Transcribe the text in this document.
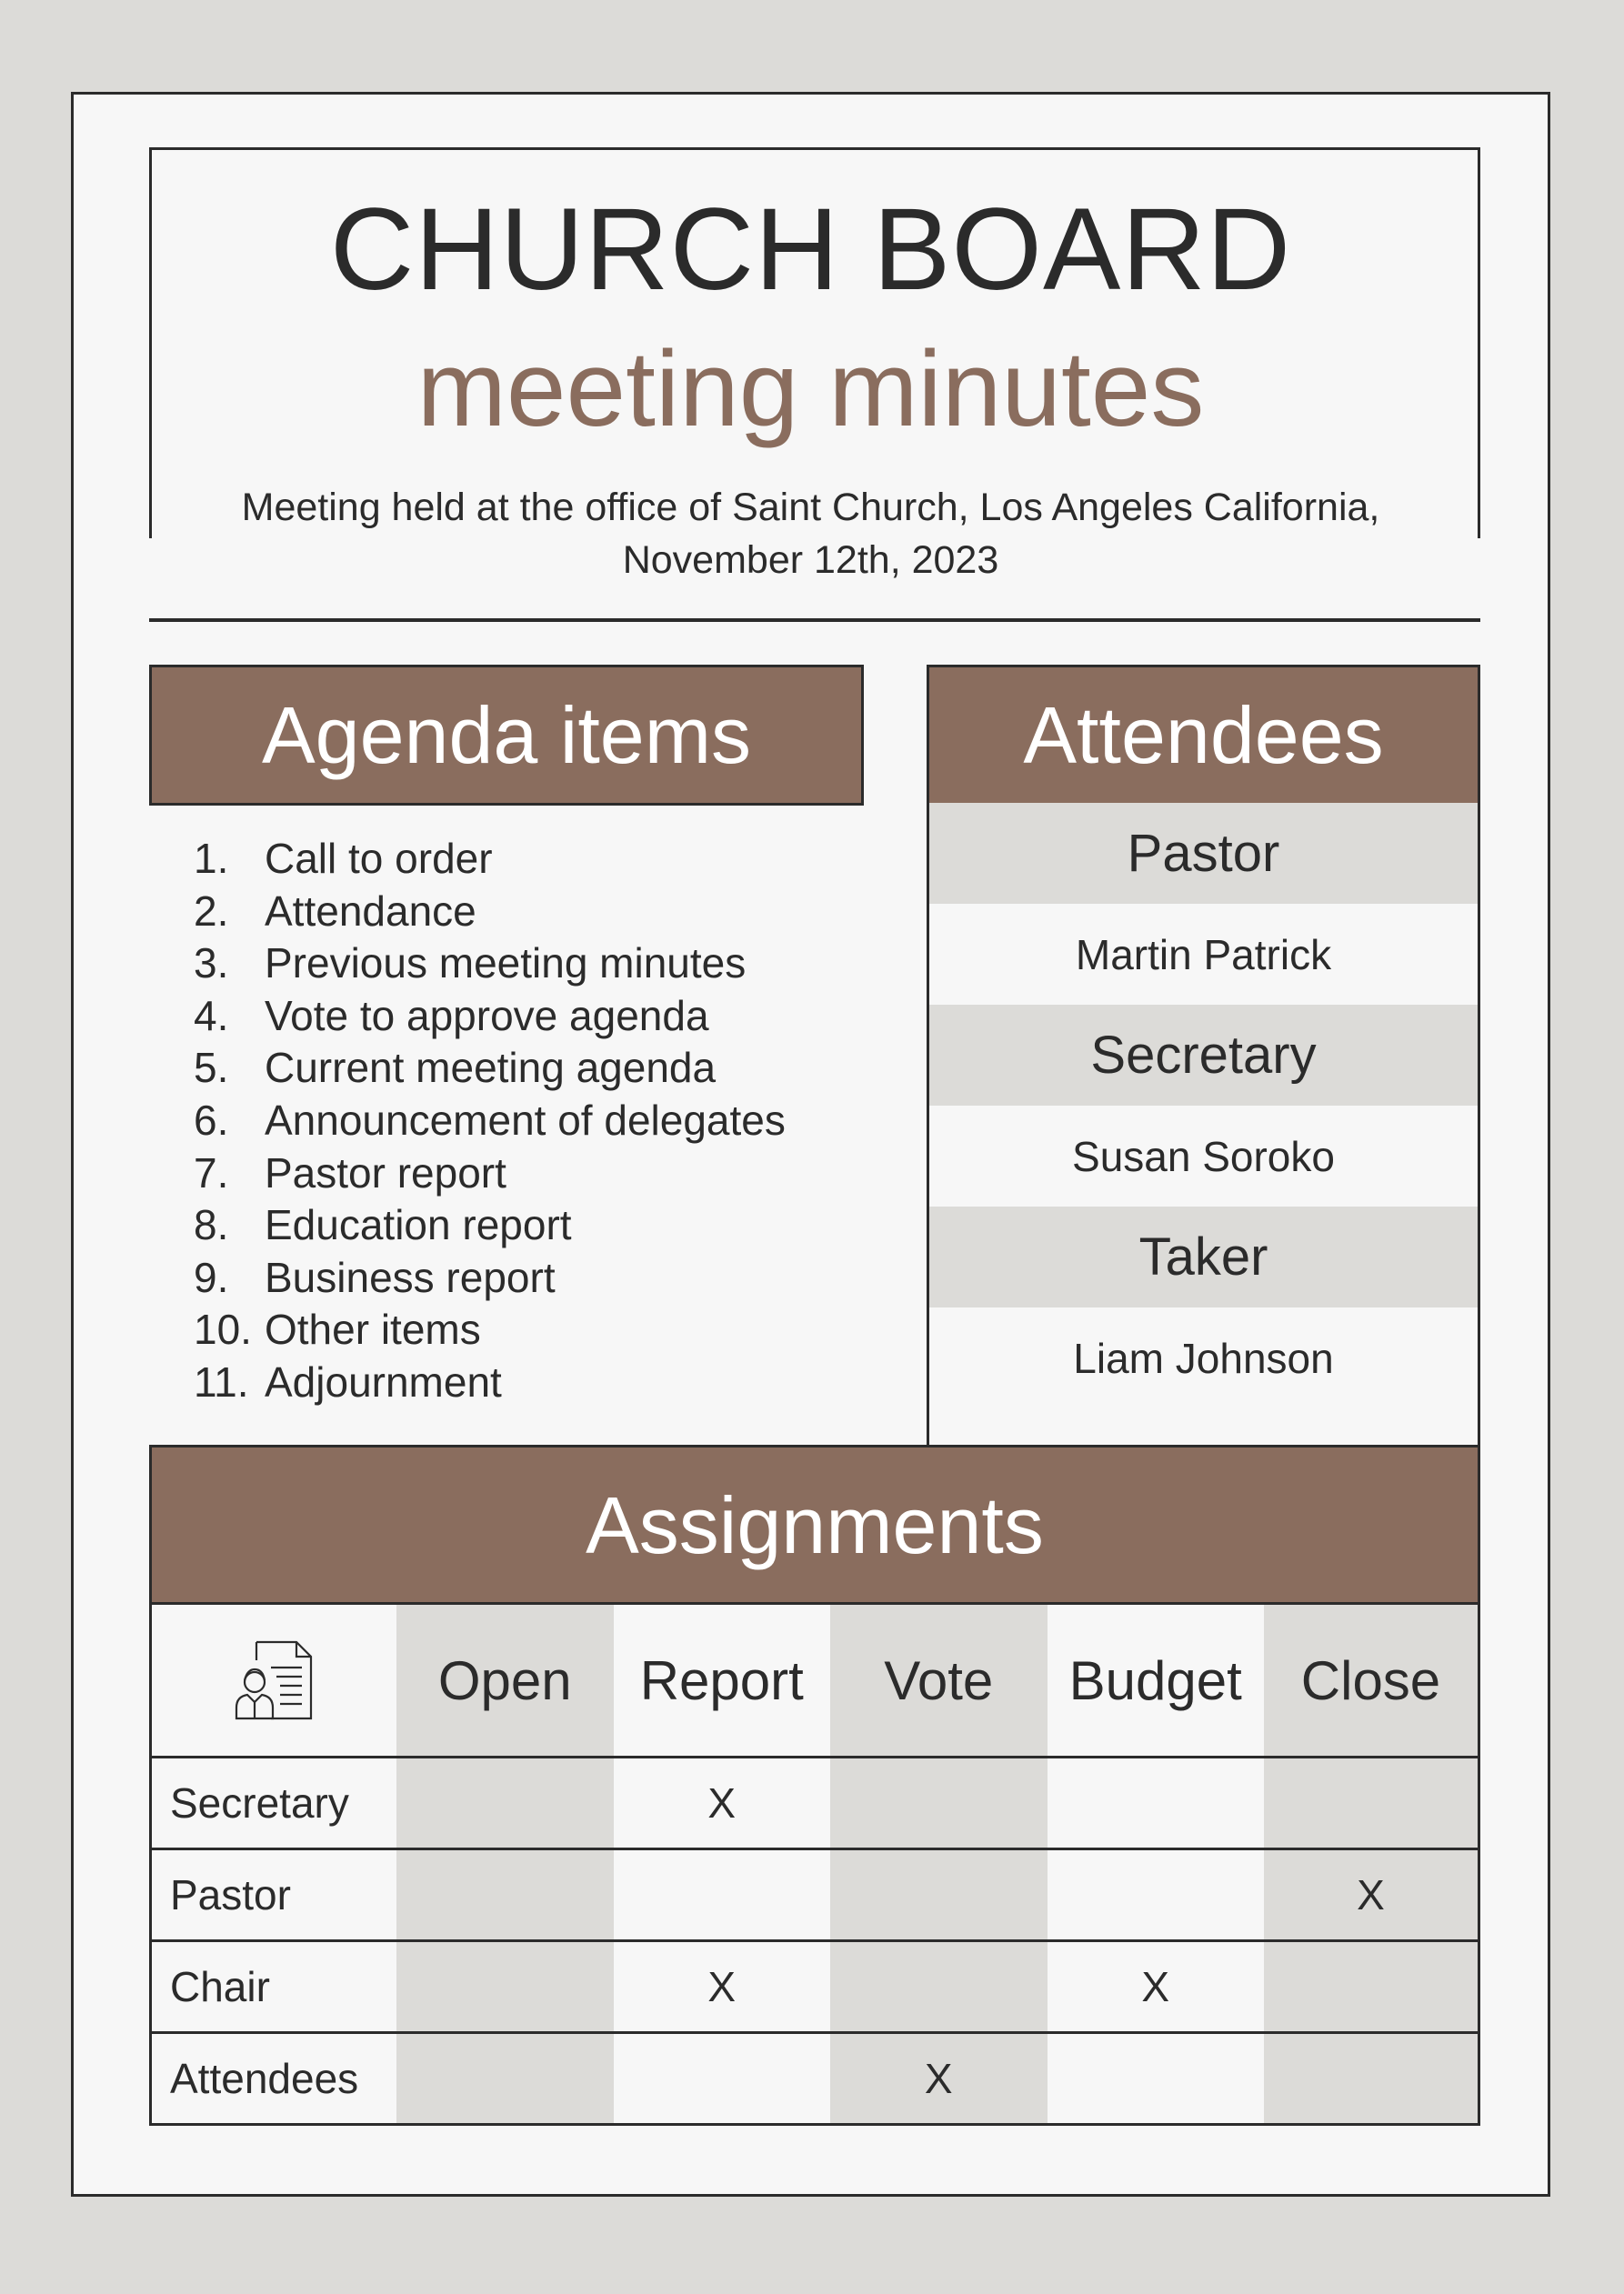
CHURCH BOARD
meeting minutes
Meeting held at the office of Saint Church, Los Angeles California,
November 12th, 2023
Agenda items
1. Call to order
2. Attendance
3. Previous meeting minutes
4. Vote to approve agenda
5. Current meeting agenda
6. Announcement of delegates
7. Pastor report
8. Education report
9. Business report
10. Other items
11. Adjournment
Attendees
Pastor
Martin Patrick
Secretary
Susan Soroko
Taker
Liam Johnson
Assignments
	Open	Report	Vote	Budget	Close
Secretary		X			
Pastor					X
Chair		X		X	
Attendees			X		
